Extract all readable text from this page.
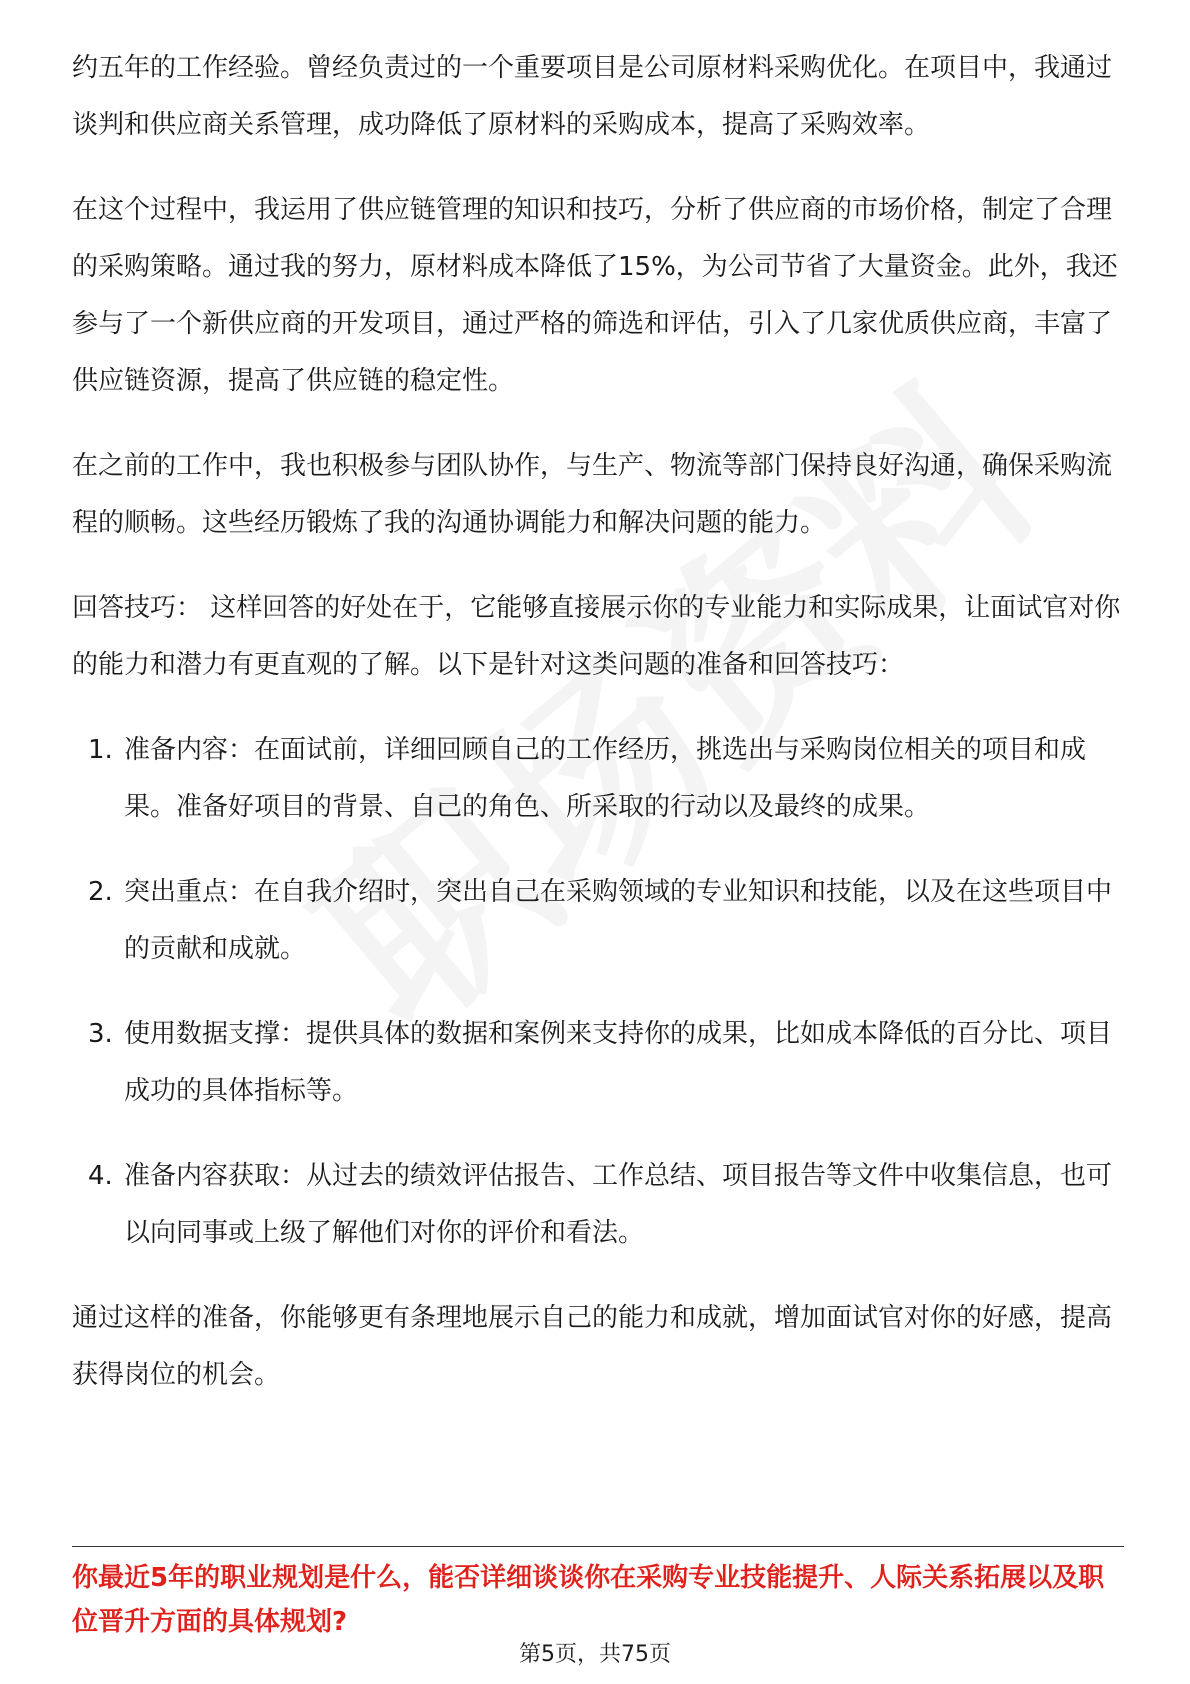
约五年的工作经验。曾经负责过的一个重要项目是公司原材料采购优化。在项目中，我通过谈判和供应商关系管理，成功降低了原材料的采购成本，提高了采购效率。

在这个过程中，我运用了供应链管理的知识和技巧，分析了供应商的市场价格，制定了合理的采购策略。通过我的努力，原材料成本降低了15%，为公司节省了大量资金。此外，我还参与了一个新供应商的开发项目，通过严格的筛选和评估，引入了几家优质供应商，丰富了供应链资源，提高了供应链的稳定性。

在之前的工作中，我也积极参与团队协作，与生产、物流等部门保持良好沟通，确保采购流程的顺畅。这些经历锻炼了我的沟通协调能力和解决问题的能力。

回答技巧： 这样回答的好处在于，它能够直接展示你的专业能力和实际成果，让面试官对你的能力和潜力有更直观的了解。以下是针对这类问题的准备和回答技巧：

1. 准备内容：在面试前，详细回顾自己的工作经历，挑选出与采购岗位相关的项目和成果。准备好项目的背景、自己的角色、所采取的行动以及最终的成果。
2. 突出重点：在自我介绍时，突出自己在采购领域的专业知识和技能，以及在这些项目中的贡献和成就。
3. 使用数据支撑：提供具体的数据和案例来支持你的成果，比如成本降低的百分比、项目成功的具体指标等。
4. 准备内容获取：从过去的绩效评估报告、工作总结、项目报告等文件中收集信息，也可以向同事或上级了解他们对你的评价和看法。

通过这样的准备，你能够更有条理地展示自己的能力和成就，增加面试官对你的好感，提高获得岗位的机会。

你最近5年的职业规划是什么，能否详细谈谈你在采购专业技能提升、人际关系拓展以及职位晋升方面的具体规划?
第5页，共75页
